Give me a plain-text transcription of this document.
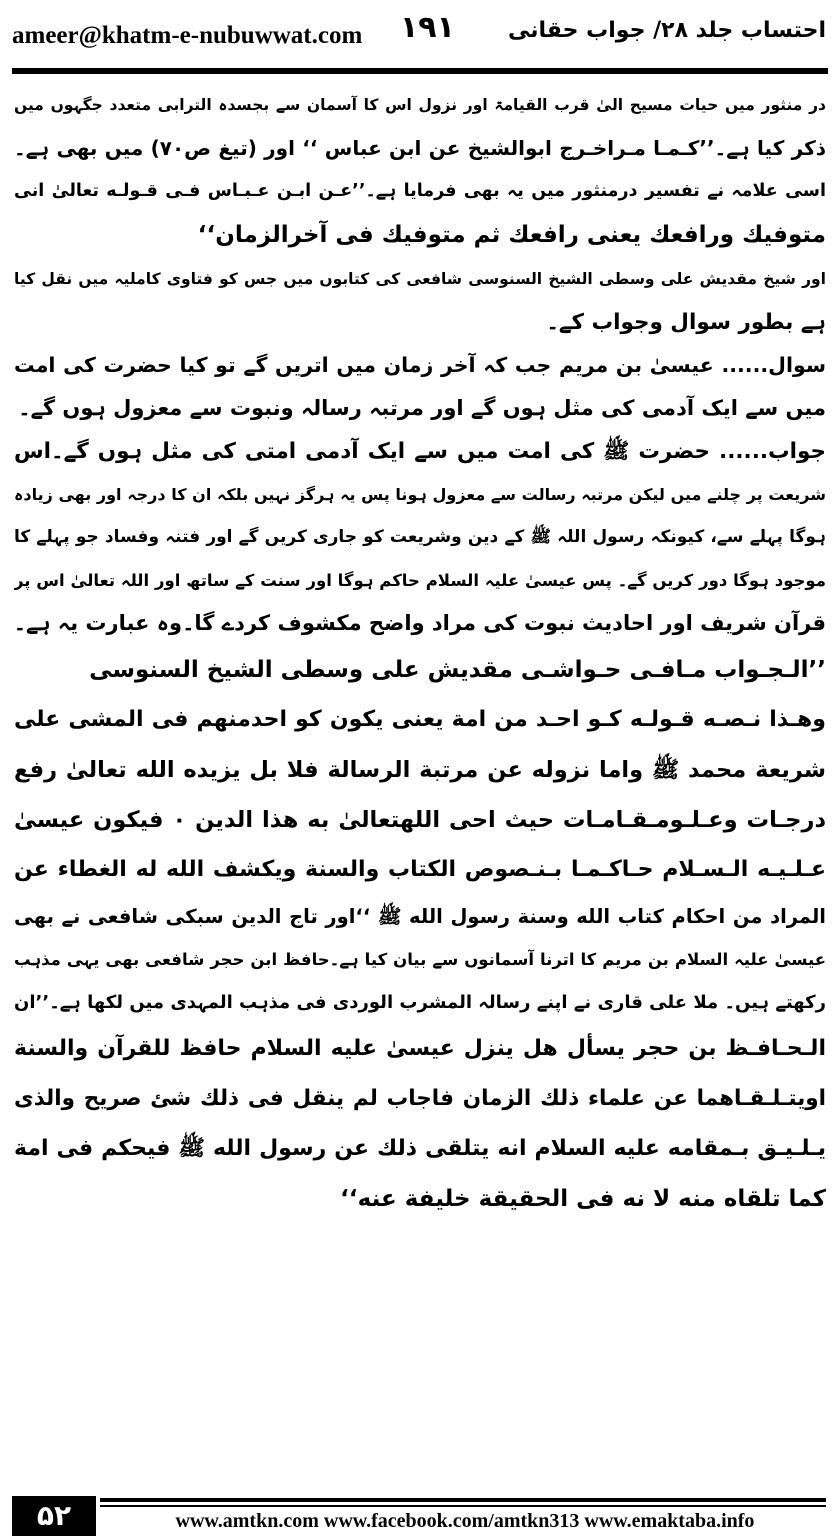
ameer@khatm-e-nubuwwat.com ۱۹۱ احتساب جلد ۲۸/ جواب حقانی
در منثور میں حیات مسیح الیٰ قرب القیامۃ اور نزول اس کا آسمان سے بجسدہ الترابی متعدد جگہوں میں
ذکر کیا ہے۔’’کـمـا مـراخـرج ابوالشیخ عن ابن عباس ‘‘ اور (تیغ ص۷۰) میں بھی ہے۔
اسی علامہ نے تفسیر درمنثور میں یہ بھی فرمایا ہے۔’’عـن ابـن عـبـاس فـی قـولـه تعالیٰ انی
متوفيك ورافعك يعنى رافعك ثم متوفيك فى آخرالزمان‘‘
اور شیخ مقدیش علی وسطی الشیخ السنوسی شافعی کی کتابوں میں جس کو فتاوی کاملیہ میں نقل کیا
ہے بطور سوال وجواب کے۔
سوال...... عیسیٰ بن مریم جب کہ آخر زمان میں اتریں گے تو کیا حضرت کی امت
میں سے ایک آدمی کی مثل ہوں گے اور مرتبہ رسالہ ونبوت سے معزول ہوں گے۔
جواب...... حضرت ﷺ کی امت میں سے ایک آدمی امتی کی مثل ہوں گے۔اس
شریعت پر چلنے میں لیکن مرتبہ رسالت سے معزول ہونا پس یہ ہرگز نہیں بلکہ ان کا درجہ اور بھی زیادہ
ہوگا پہلے سے، کیونکہ رسول اللہ ﷺ کے دین وشریعت کو جاری کریں گے اور فتنہ وفساد جو پہلے کا
موجود ہوگا دور کریں گے۔ پس عیسیٰ علیہ السلام حاکم ہوگا اور سنت کے ساتھ اور اللہ تعالیٰ اس پر
قرآن شریف اور احادیث نبوت کی مراد واضح مکشوف کردے گا۔وہ عبارت یہ ہے۔
’’الـجـواب مـافـی حـواشـی مقدیش علی وسطی الشیخ السنوسی
وهـذا نـصـه قـولـه كـو احـد من امة يعنى يكون كو احدمنهم فى المشى على
شريعة محمد ﷺ واما نزوله عن مرتبة الرسالة فلا بل يزيده الله تعالىٰ رفع
درجـات وعـلـومـقـامـات حيث احى اللهتعالىٰ به هذا الدين ٠ فيكون عيسىٰ
عـلـيـه الـسـلام حـاكـمـا بـنـصوص الكتاب والسنة ويكشف الله له الغطاء عن
المراد من احكام كتاب الله وسنة رسول الله ﷺ ‘‘اور تاج الدین سبکی شافعی نے بھی
عیسیٰ علیہ السلام بن مریم کا اترنا آسمانوں سے بیان کیا ہے۔حافظ ابن حجر شافعی بھی یہی مذہب
رکھتے ہیں۔ ملا علی قاری نے اپنے رسالہ المشرب الوردی فی مذہب المہدی میں لکھا ہے۔’’ان
الـحـافـظ بن حجر يسأل هل ينزل عيسىٰ عليه السلام حافظ للقرآن والسنة
اويتـلـقـاهما عن علماء ذلك الزمان فاجاب لم ينقل فى ذلك شئ صريح والذى
يـلـيـق بـمقامه عليه السلام انه يتلقى ذلك عن رسول الله ﷺ فيحكم فى امة
كما تلقاه منه لا نه فى الحقيقة خليفة عنه‘‘
۵۲	www.amtkn.com www.facebook.com/amtkn313 www.emaktaba.info
